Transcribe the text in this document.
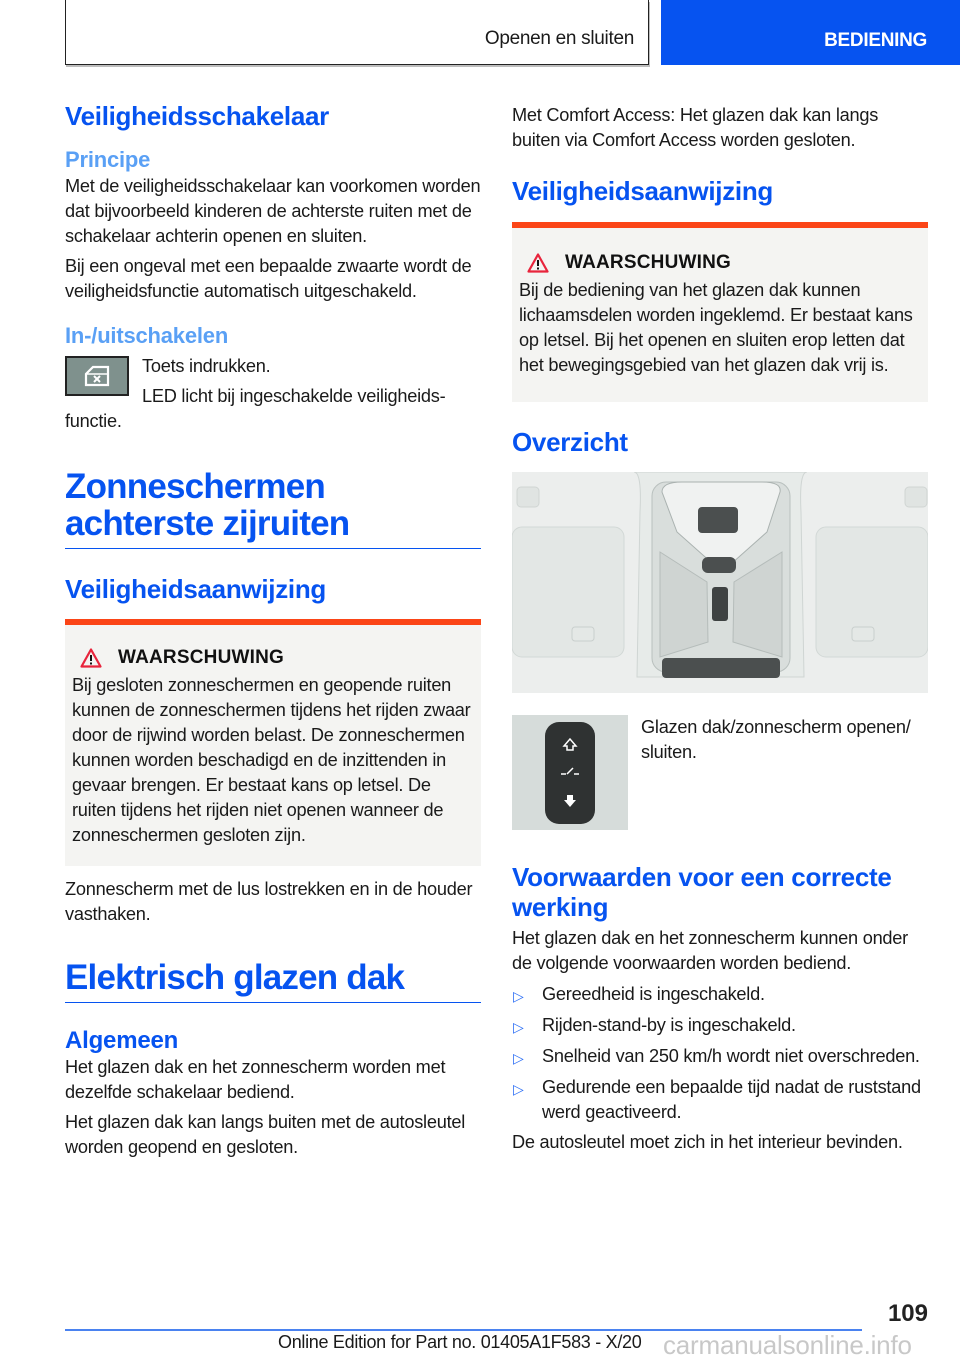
Openen en sluiten	BEDIENING
Veiligheidsschakelaar
Principe
Met de veiligheidsschakelaar kan voorkomen worden dat bijvoorbeeld kinderen de achterste ruiten met de schakelaar achterin openen en sluiten.
Bij een ongeval met een bepaalde zwaarte wordt de veiligheidsfunctie automatisch uitgeschakeld.
In-/uitschakelen
Toets indrukken.
LED licht bij ingeschakelde veiligheids-
functie.
Zonneschermen achterste zijruiten
Veiligheidsaanwijzing
WAARSCHUWING
Bij gesloten zonneschermen en geopende ruiten kunnen de zonneschermen tijdens het rijden zwaar door de rijwind worden belast. De zonneschermen kunnen worden beschadigd en de inzittenden in gevaar brengen. Er bestaat kans op letsel. De ruiten tijdens het rijden niet openen wanneer de zonneschermen gesloten zijn.
Zonnescherm met de lus lostrekken en in de houder vasthaken.
Elektrisch glazen dak
Algemeen
Het glazen dak en het zonnescherm worden met dezelfde schakelaar bediend.
Het glazen dak kan langs buiten met de autosleutel worden geopend en gesloten.
Met Comfort Access: Het glazen dak kan langs buiten via Comfort Access worden gesloten.
Veiligheidsaanwijzing
WAARSCHUWING
Bij de bediening van het glazen dak kunnen lichaamsdelen worden ingeklemd. Er bestaat kans op letsel. Bij het openen en sluiten erop letten dat het bewegingsgebied van het glazen dak vrij is.
Overzicht
Glazen dak/zonnescherm openen/ sluiten.
Voorwaarden voor een correcte werking
Het glazen dak en het zonnescherm kunnen onder de volgende voorwaarden worden bediend.
▷ Gereedheid is ingeschakeld.
▷ Rijden-stand-by is ingeschakeld.
▷ Snelheid van 250 km/h wordt niet overschreden.
▷ Gedurende een bepaalde tijd nadat de ruststand werd geactiveerd.
De autosleutel moet zich in het interieur bevinden.
109
Online Edition for Part no. 01405A1F583 - X/20 carmanualsonline.info
